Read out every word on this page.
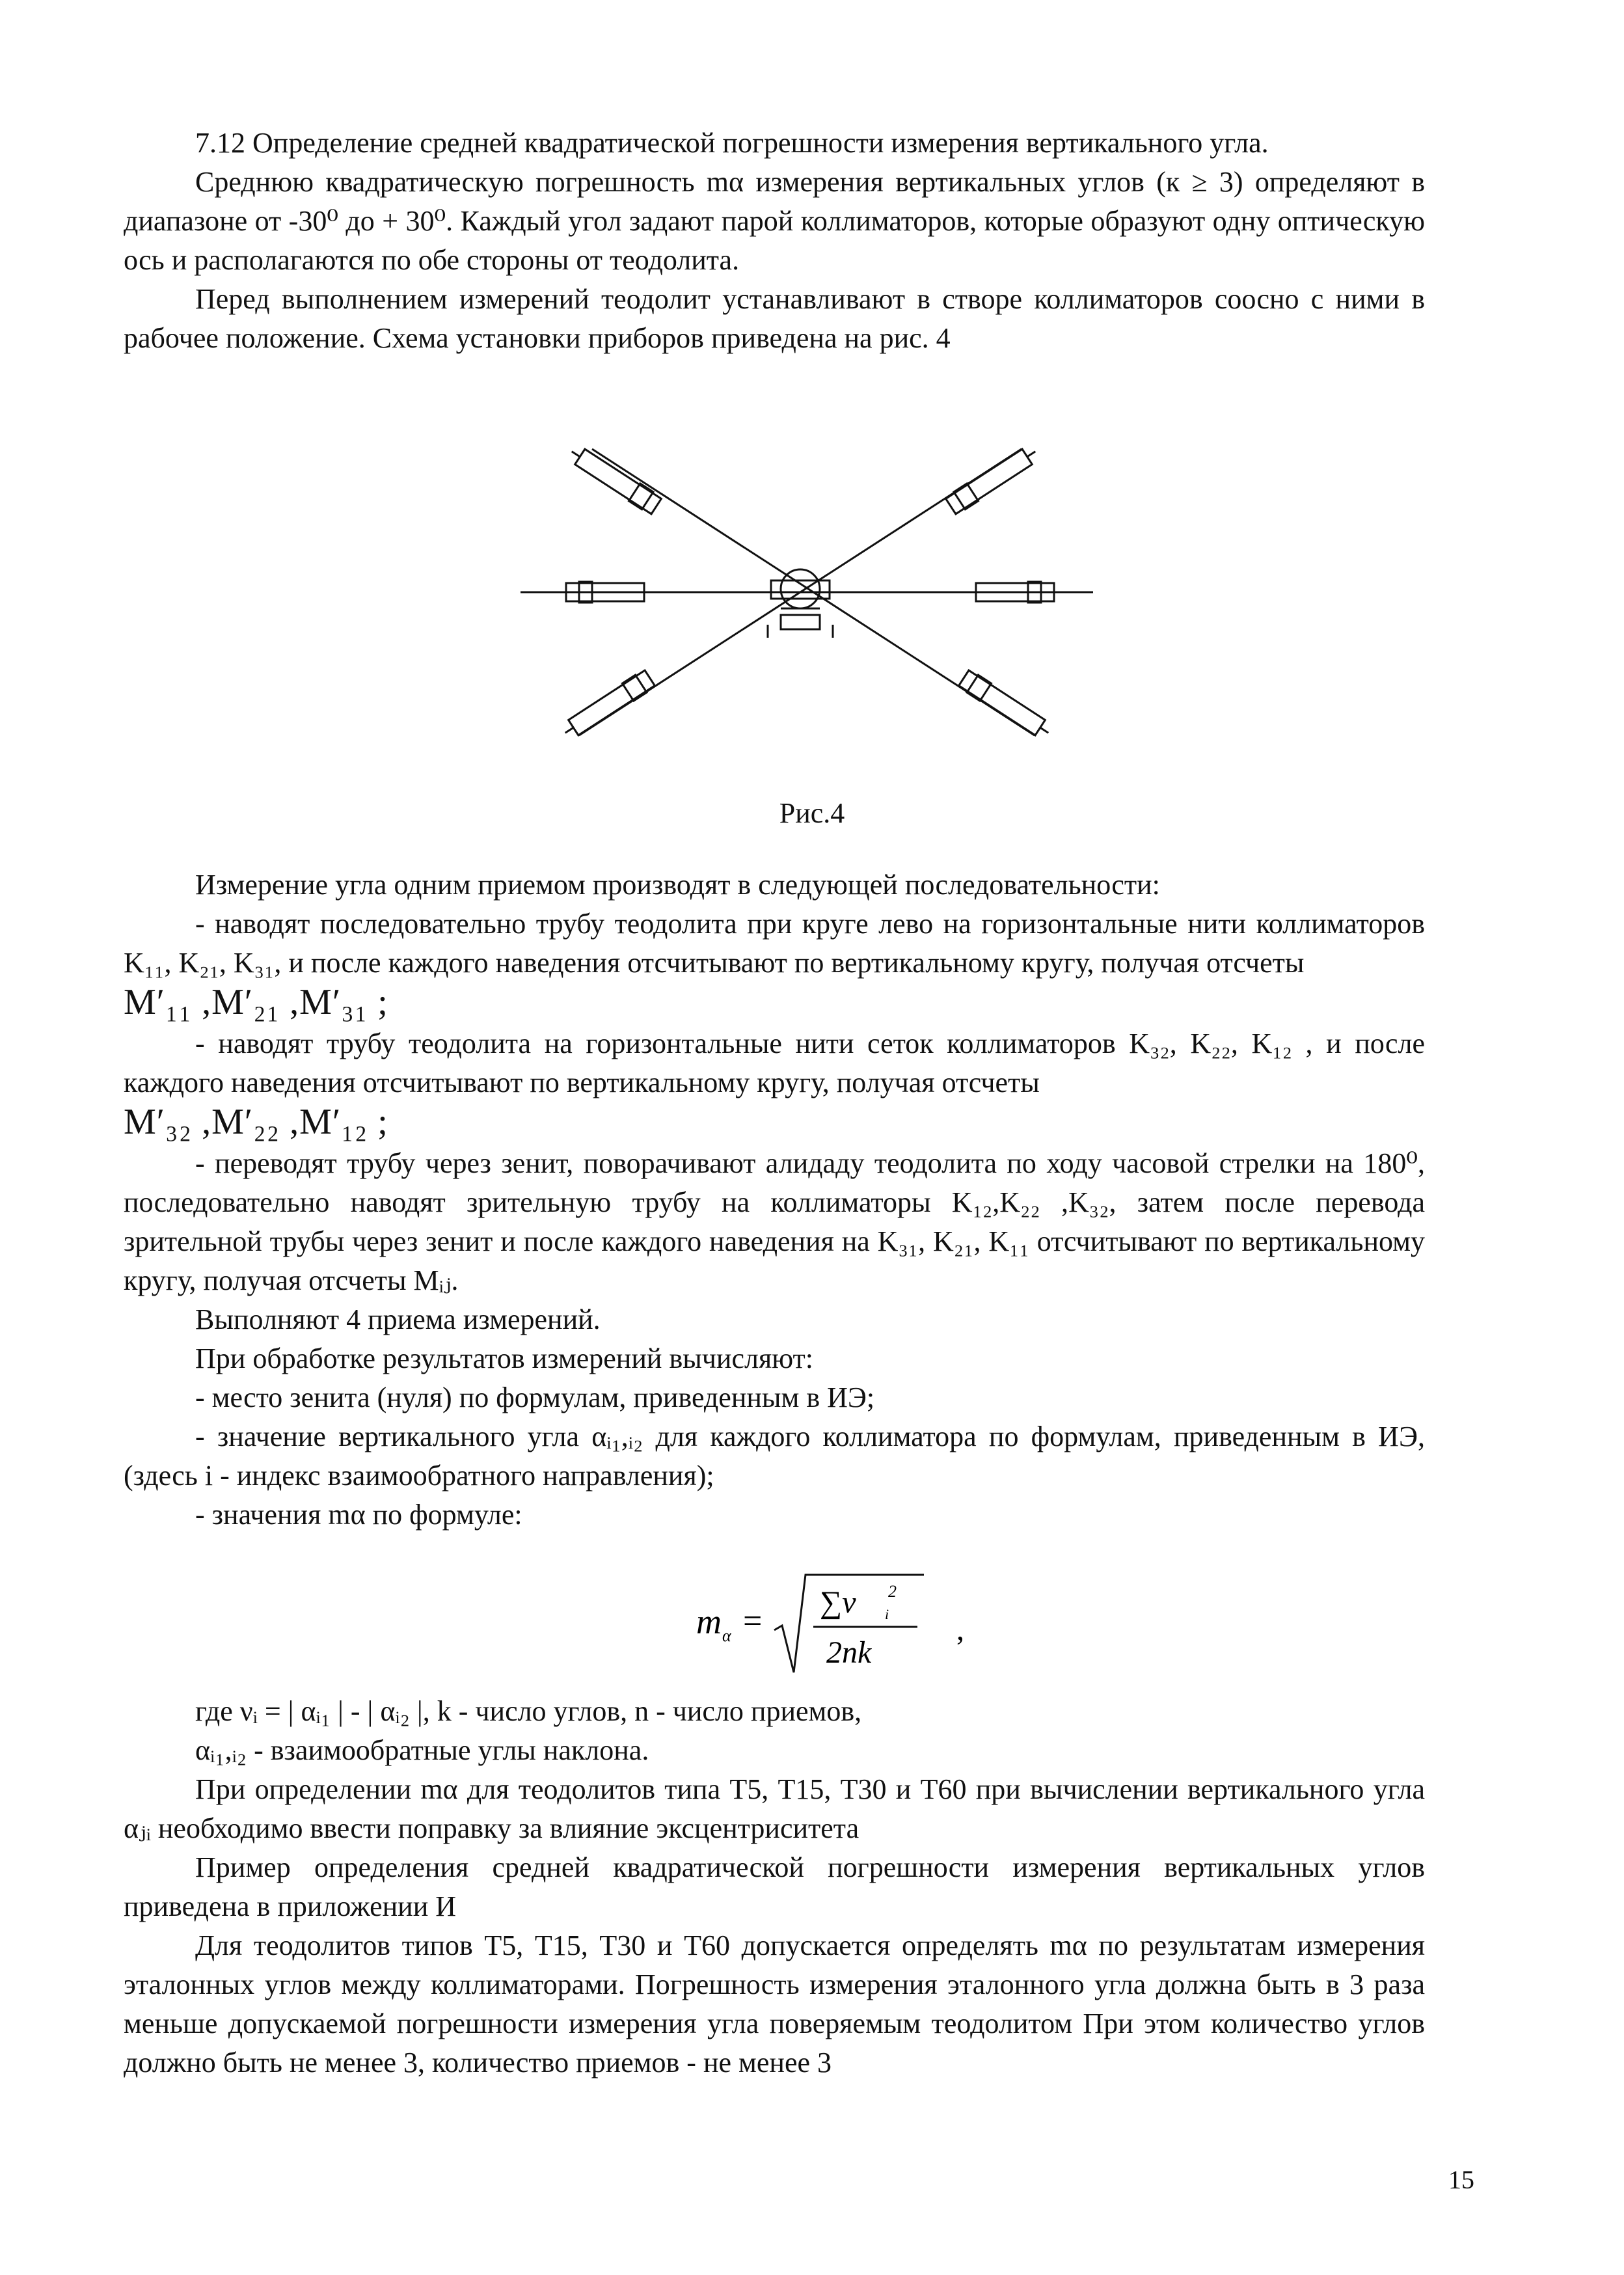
7.12 Определение средней квадратической погрешности измерения вертикального угла.

Среднюю квадратическую погрешность mα измерения вертикальных углов (к ≥ 3) определяют в диапазоне от -30⁰ до + 30⁰. Каждый угол задают парой коллиматоров, которые образуют одну оптическую ось и располагаются по обе стороны от теодолита.

Перед выполнением измерений теодолит устанавливают в створе коллиматоров соосно с ними в рабочее положение. Схема установки приборов приведена на рис. 4

Рис.4

Измерение угла одним приемом производят в следующей последовательности:

- наводят последовательно трубу теодолита при круге лево на горизонтальные нити коллиматоров K₁₁, K₂₁, K₃₁, и после каждого наведения отсчитывают по вертикальному кругу, получая отсчеты

M′₁₁ ,M′₂₁ ,M′₃₁ ;

- наводят трубу теодолита на горизонтальные нити сеток коллиматоров K₃₂, K₂₂, K₁₂ , и после каждого наведения отсчитывают по вертикальному кругу, получая отсчеты

M′₃₂ ,M′₂₂ ,M′₁₂ ;

- переводят трубу через зенит, поворачивают алидаду теодолита по ходу часовой стрелки на 180⁰, последовательно наводят зрительную трубу на коллиматоры K₁₂,K₂₂ ,K₃₂, затем после перевода зрительной трубы через зенит и после каждого наведения на K₃₁, K₂₁, K₁₁ отсчитывают по вертикальному кругу, получая отсчеты Mᵢⱼ.

Выполняют 4 приема измерений.

При обработке результатов измерений вычисляют:

- место зенита (нуля) по формулам, приведенным в ИЭ;

- значение вертикального угла αᵢ₁,ᵢ₂ для каждого коллиматора по формулам, приведенным в ИЭ, (здесь i - индекс взаимообратного направления);

- значения mα по формуле:

m α =
∑ν 2
i
2nk
,

где νᵢ = | αᵢ₁ | - | αᵢ₂ |, k - число углов, n - число приемов,

αᵢ₁,ᵢ₂ - взаимообратные углы наклона.

При определении mα для теодолитов типа Т5, Т15, Т30 и Т60 при вычислении вертикального угла αⱼᵢ необходимо ввести поправку за влияние эксцентриситета

Пример определения средней квадратической погрешности измерения вертикальных углов приведена в приложении И

Для теодолитов типов Т5, Т15, Т30 и Т60 допускается определять mα по результатам измерения эталонных углов между коллиматорами. Погрешность измерения эталонного угла должна быть в 3 раза меньше допускаемой погрешности измерения угла поверяемым теодолитом При этом количество углов должно быть не менее 3, количество приемов - не менее 3

15
